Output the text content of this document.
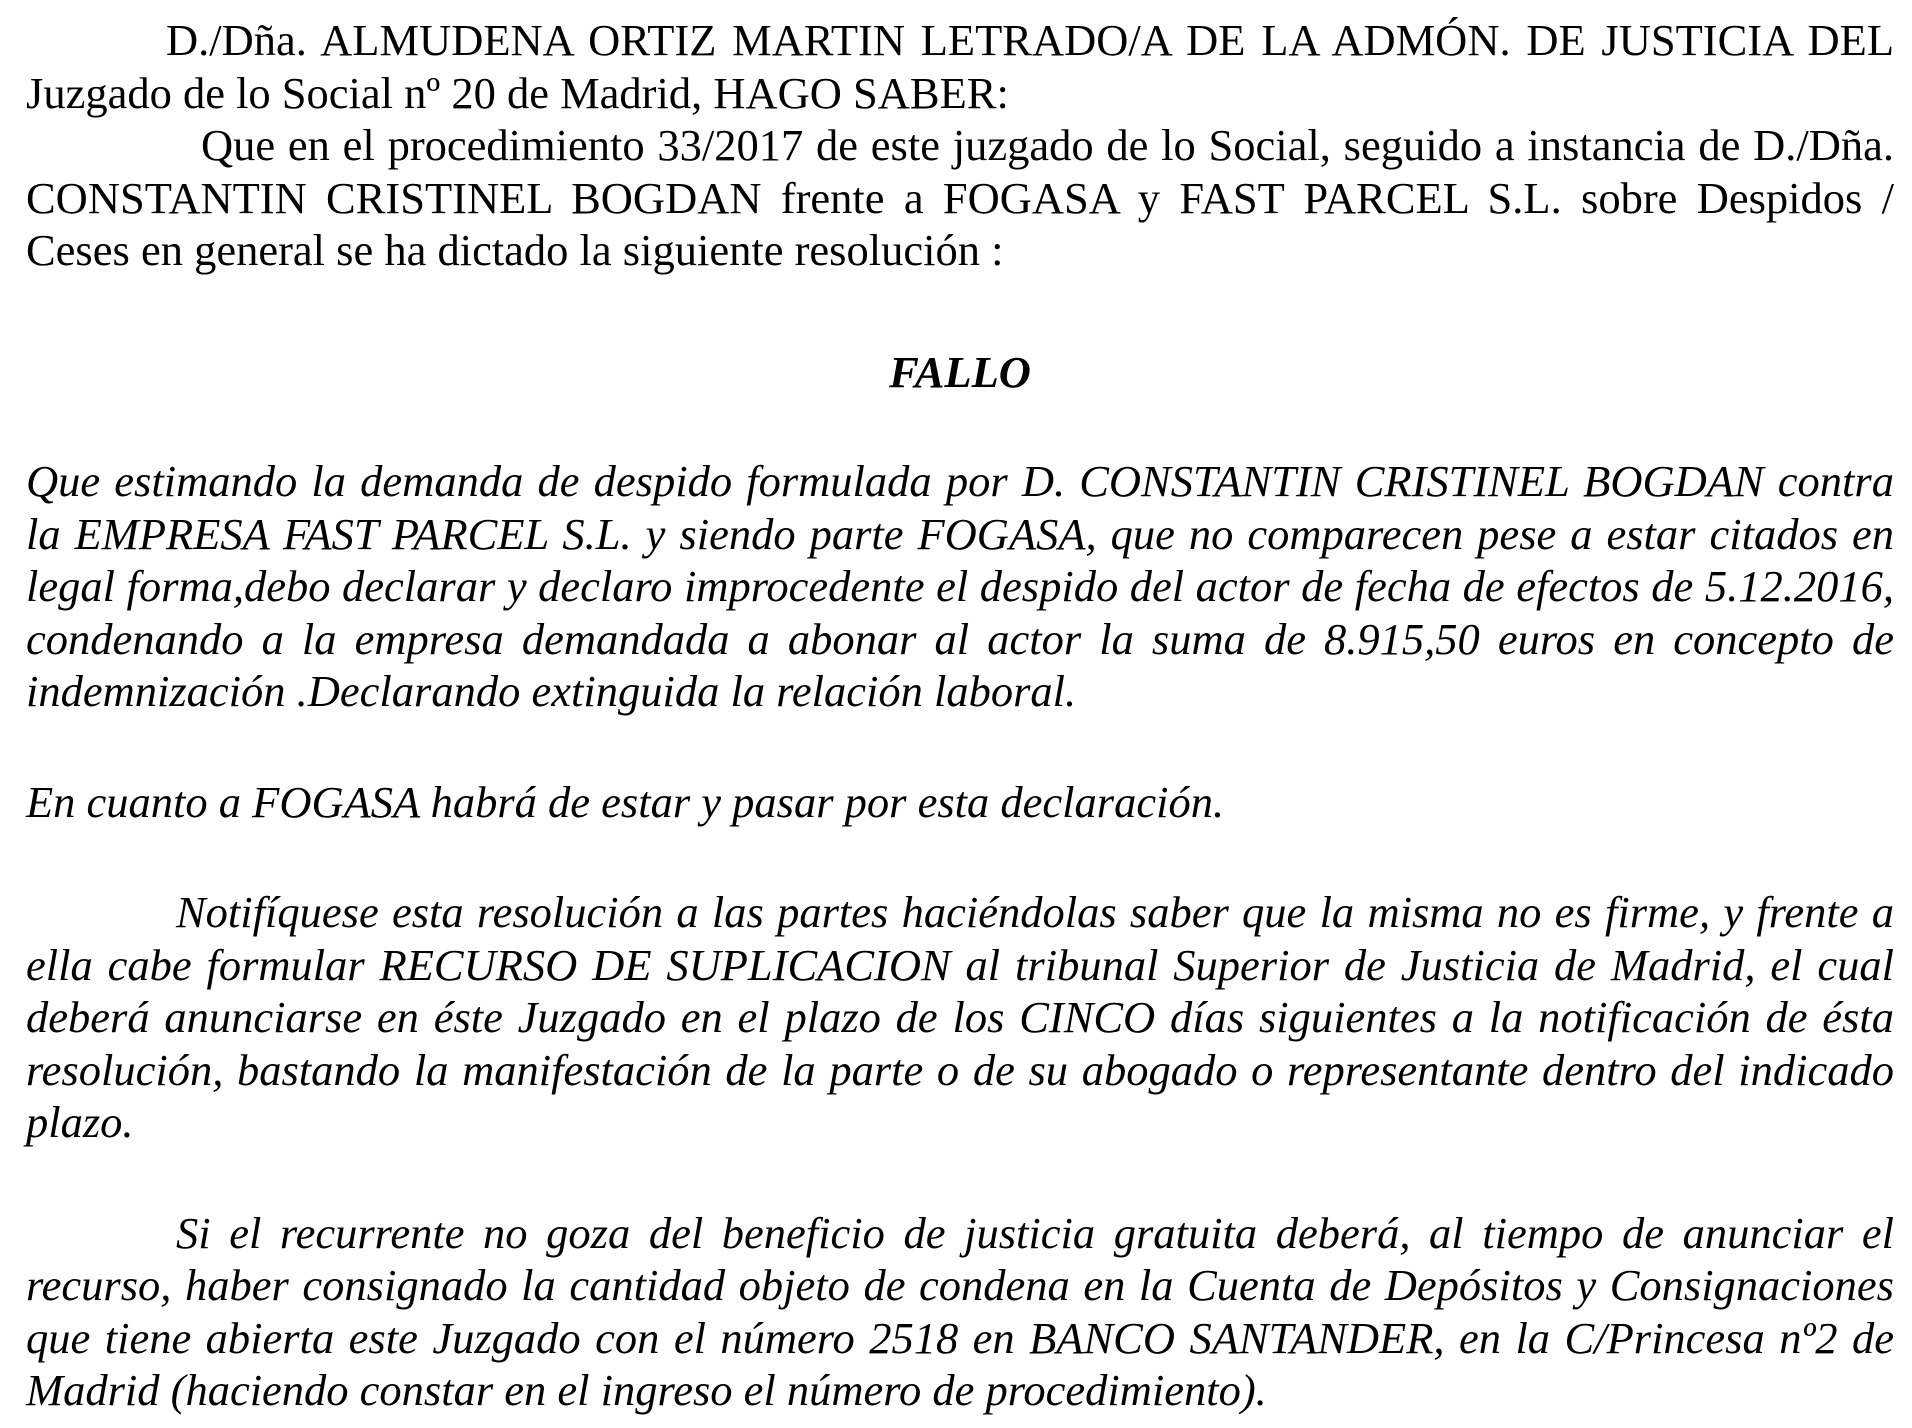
D./Dña. ALMUDENA ORTIZ MARTIN LETRADO/A DE LA ADMÓN. DE JUSTICIA DEL Juzgado de lo Social nº 20 de Madrid, HAGO SABER:

Que en el procedimiento 33/2017 de este juzgado de lo Social, seguido a instancia de D./Dña. CONSTANTIN CRISTINEL BOGDAN frente a FOGASA y FAST PARCEL S.L. sobre Despidos / Ceses en general se ha dictado la siguiente resolución :

FALLO

Que estimando la demanda de despido formulada por D. CONSTANTIN CRISTINEL BOGDAN contra la EMPRESA FAST PARCEL S.L. y siendo parte FOGASA, que no comparecen pese a estar citados en legal forma,debo declarar y declaro improcedente el despido del actor de fecha de efectos de 5.12.2016, condenando a la empresa demandada a abonar al actor la suma de 8.915,50 euros en concepto de indemnización .Declarando extinguida la relación laboral.

En cuanto a FOGASA habrá de estar y pasar por esta declaración.

Notifíquese esta resolución a las partes haciéndolas saber que la misma no es firme, y frente a ella cabe formular RECURSO DE SUPLICACION al tribunal Superior de Justicia de Madrid, el cual deberá anunciarse en éste Juzgado en el plazo de los CINCO días siguientes a la notificación de ésta resolución, bastando la manifestación de la parte o de su abogado o representante dentro del indicado plazo.

Si el recurrente no goza del beneficio de justicia gratuita deberá, al tiempo de anunciar el recurso, haber consignado la cantidad objeto de condena en la Cuenta de Depósitos y Consignaciones que tiene abierta este Juzgado con el número 2518 en BANCO SANTANDER, en la C/Princesa nº2 de Madrid (haciendo constar en el ingreso el número de procedimiento).
